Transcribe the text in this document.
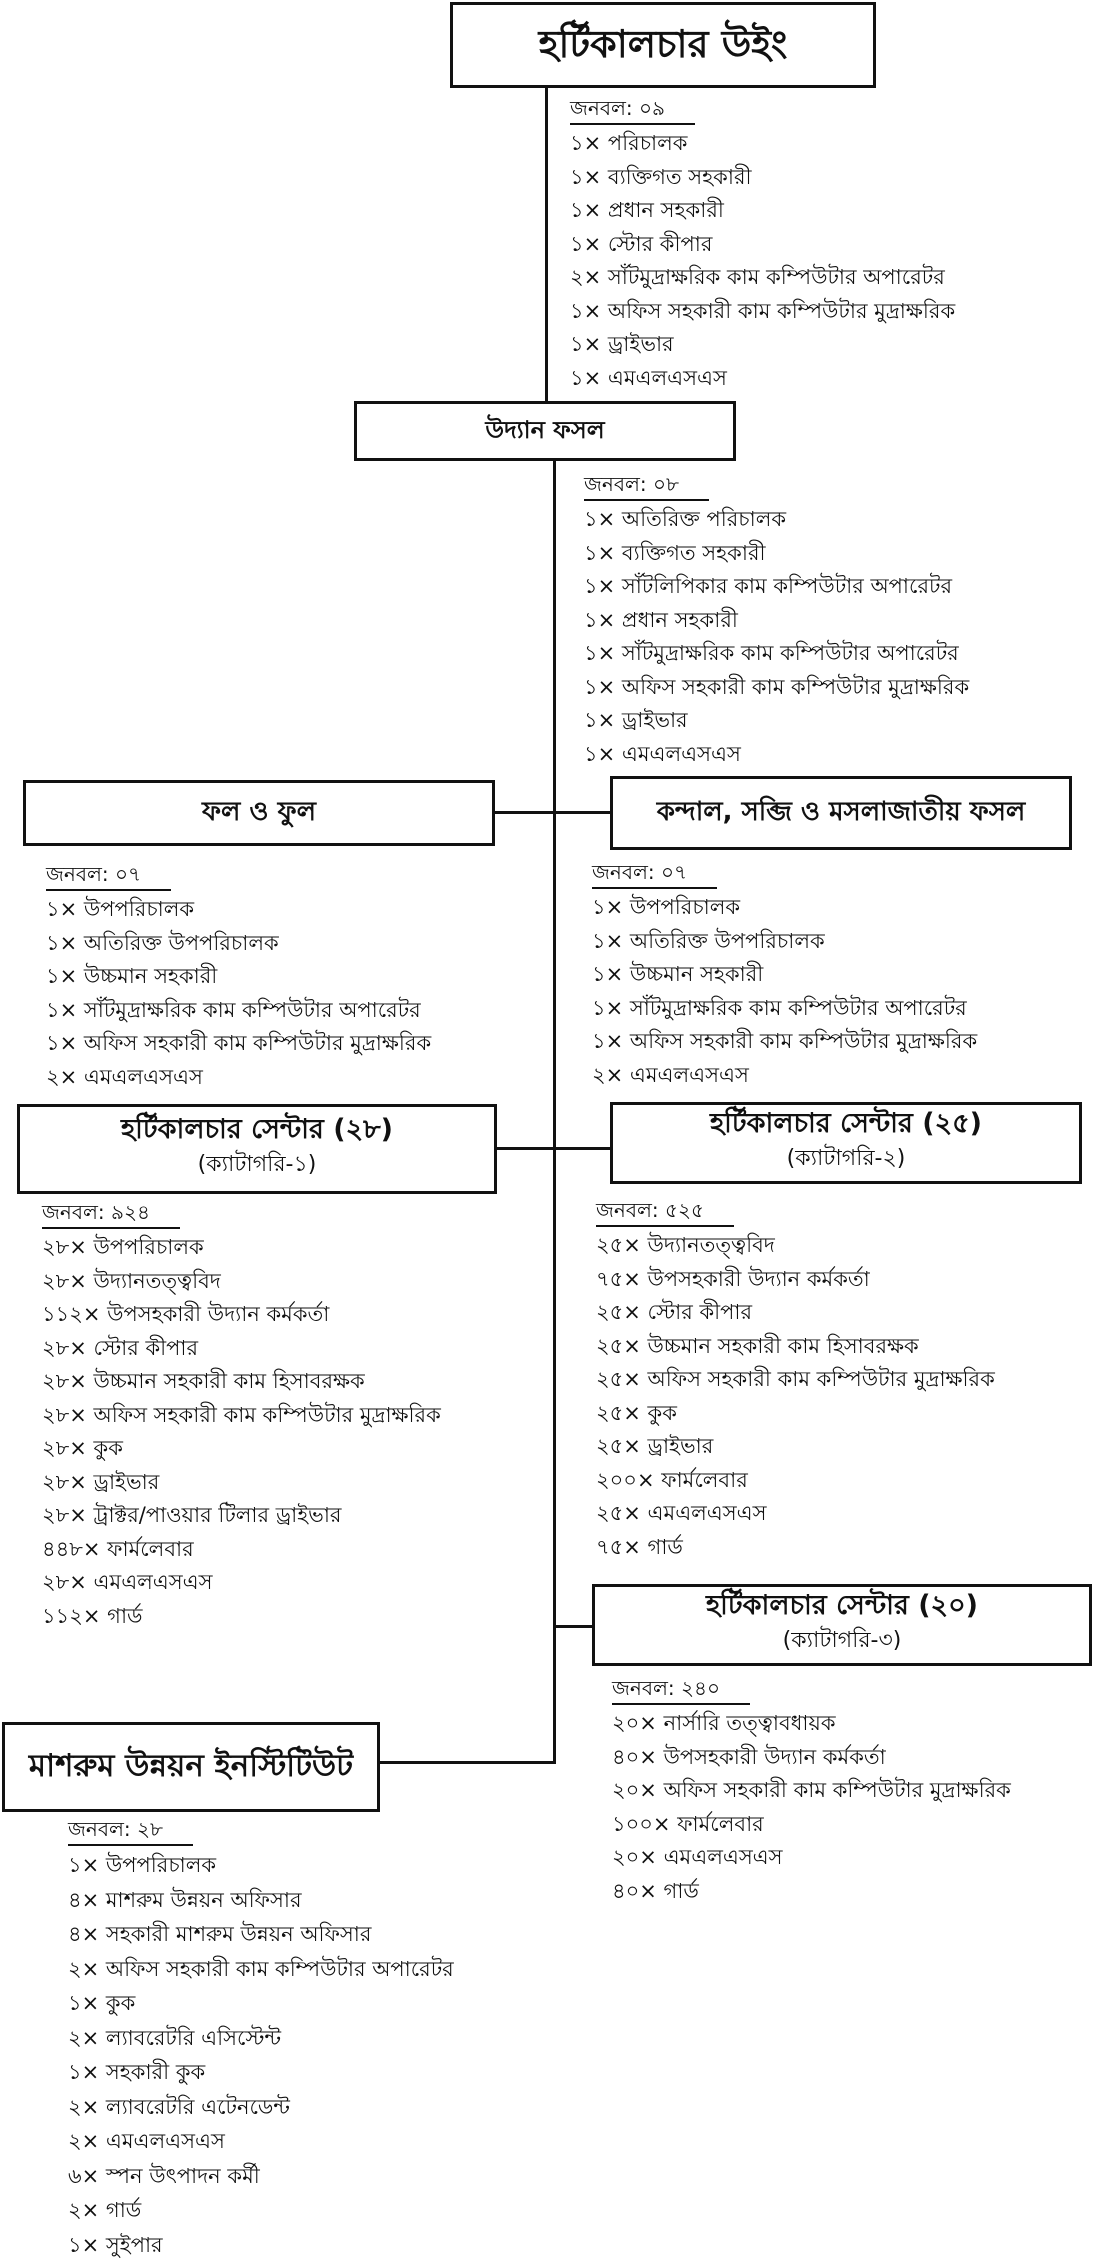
হর্টিকালচার উইং
জনবল: ০৯
১× পরিচালক
১× ব্যক্তিগত সহকারী
১× প্রধান সহকারী
১× স্টোর কীপার
২× সাঁটমুদ্রাক্ষরিক কাম কম্পিউটার অপারেটর
১× অফিস সহকারী কাম কম্পিউটার মুদ্রাক্ষরিক
১× ড্রাইভার
১× এমএলএসএস
উদ্যান ফসল
জনবল: ০৮
১× অতিরিক্ত পরিচালক
১× ব্যক্তিগত সহকারী
১× সাঁটলিপিকার কাম কম্পিউটার অপারেটর
১× প্রধান সহকারী
১× সাঁটমুদ্রাক্ষরিক কাম কম্পিউটার অপারেটর
১× অফিস সহকারী কাম কম্পিউটার মুদ্রাক্ষরিক
১× ড্রাইভার
১× এমএলএসএস
ফল ও ফুল
জনবল: ০৭
১× উপপরিচালক
১× অতিরিক্ত উপপরিচালক
১× উচ্চমান সহকারী
১× সাঁটমুদ্রাক্ষরিক কাম কম্পিউটার অপারেটর
১× অফিস সহকারী কাম কম্পিউটার মুদ্রাক্ষরিক
২× এমএলএসএস
কন্দাল, সব্জি ও মসলাজাতীয় ফসল
জনবল: ০৭
১× উপপরিচালক
১× অতিরিক্ত উপপরিচালক
১× উচ্চমান সহকারী
১× সাঁটমুদ্রাক্ষরিক কাম কম্পিউটার অপারেটর
১× অফিস সহকারী কাম কম্পিউটার মুদ্রাক্ষরিক
২× এমএলএসএস
হর্টিকালচার সেন্টার (২৮)
(ক্যাটাগরি-১)
জনবল: ৯২৪
২৮× উপপরিচালক
২৮× উদ্যানতত্ত্ববিদ
১১২× উপসহকারী উদ্যান কর্মকর্তা
২৮× স্টোর কীপার
২৮× উচ্চমান সহকারী কাম হিসাবরক্ষক
২৮× অফিস সহকারী কাম কম্পিউটার মুদ্রাক্ষরিক
২৮× কুক
২৮× ড্রাইভার
২৮× ট্রাক্টর/পাওয়ার টিলার ড্রাইভার
৪৪৮× ফার্মলেবার
২৮× এমএলএসএস
১১২× গার্ড
হর্টিকালচার সেন্টার (২৫)
(ক্যাটাগরি-২)
জনবল: ৫২৫
২৫× উদ্যানতত্ত্ববিদ
৭৫× উপসহকারী উদ্যান কর্মকর্তা
২৫× স্টোর কীপার
২৫× উচ্চমান সহকারী কাম হিসাবরক্ষক
২৫× অফিস সহকারী কাম কম্পিউটার মুদ্রাক্ষরিক
২৫× কুক
২৫× ড্রাইভার
২০০× ফার্মলেবার
২৫× এমএলএসএস
৭৫× গার্ড
হর্টিকালচার সেন্টার (২০)
(ক্যাটাগরি-৩)
জনবল: ২৪০
২০× নার্সারি তত্ত্বাবধায়ক
৪০× উপসহকারী উদ্যান কর্মকর্তা
২০× অফিস সহকারী কাম কম্পিউটার মুদ্রাক্ষরিক
১০০× ফার্মলেবার
২০× এমএলএসএস
৪০× গার্ড
মাশরুম উন্নয়ন ইনস্টিটিউট
জনবল: ২৮
১× উপপরিচালক
৪× মাশরুম উন্নয়ন অফিসার
৪× সহকারী মাশরুম উন্নয়ন অফিসার
২× অফিস সহকারী কাম কম্পিউটার অপারেটর
১× কুক
২× ল্যাবরেটরি এসিস্টেন্ট
১× সহকারী কুক
২× ল্যাবরেটরি এটেনডেন্ট
২× এমএলএসএস
৬× স্পন উৎপাদন কর্মী
২× গার্ড
১× সুইপার
